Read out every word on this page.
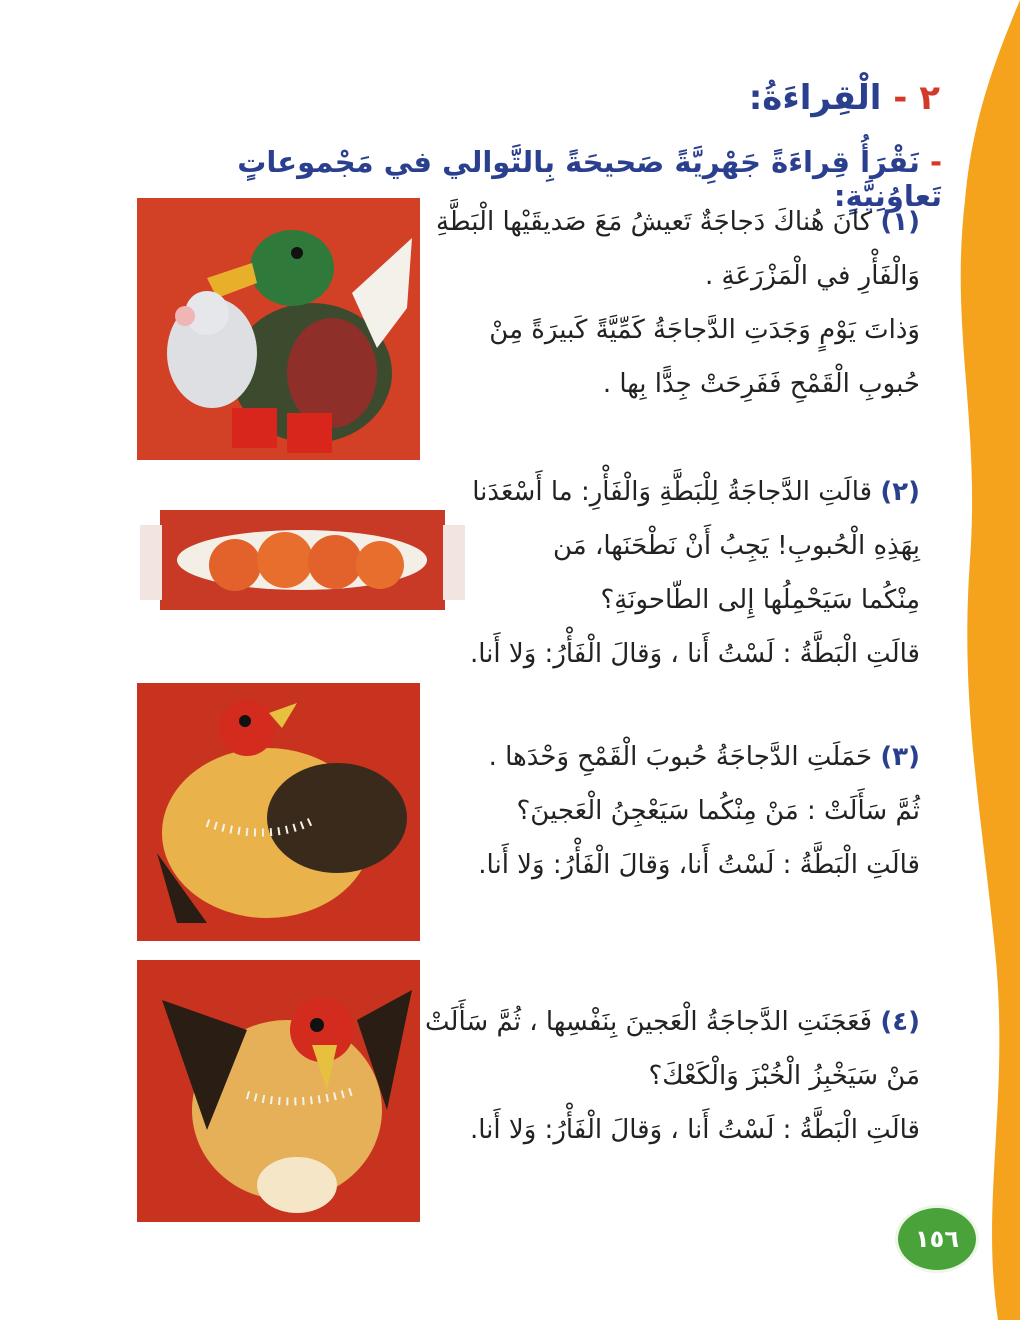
٢ - الْقِراءَةُ:
- نَقْرَأُ قِراءَةً جَهْرِيَّةً صَحيحَةً بِالتَّوالي في مَجْموعاتٍ تَعاوُنِيَّةٍ:
(١) كانَ هُناكَ دَجاجَةٌ تَعيشُ مَعَ صَديقَيْها الْبَطَّةِ
وَالْفَأْرِ في الْمَزْرَعَةِ .
وَذاتَ يَوْمٍ وَجَدَتِ الدَّجاجَةُ كَمِّيَّةً كَبيرَةً مِنْ
حُبوبِ الْقَمْحِ فَفَرِحَتْ جِدًّا بِها .
(٢) قالَتِ الدَّجاجَةُ لِلْبَطَّةِ وَالْفَأْرِ: ما أَسْعَدَنا
بِهَذِهِ الْحُبوبِ! يَجِبُ أَنْ نَطْحَنَها، مَن
مِنْكُما سَيَحْمِلُها إِلى الطّاحونَةِ؟
قالَتِ الْبَطَّةُ : لَسْتُ أَنا ، وَقالَ الْفَأْرُ: وَلا أَنا.
(٣) حَمَلَتِ الدَّجاجَةُ حُبوبَ الْقَمْحِ وَحْدَها .
ثُمَّ سَأَلَتْ : مَنْ مِنْكُما سَيَعْجِنُ الْعَجينَ؟
قالَتِ الْبَطَّةُ : لَسْتُ أَنا، وَقالَ الْفَأْرُ: وَلا أَنا.
(٤) فَعَجَنَتِ الدَّجاجَةُ الْعَجينَ بِنَفْسِها ، ثُمَّ سَأَلَتْ
مَنْ سَيَخْبِزُ الْخُبْزَ وَالْكَعْكَ؟
قالَتِ الْبَطَّةُ : لَسْتُ أَنا ، وَقالَ الْفَأْرُ: وَلا أَنا.
١٥٦
